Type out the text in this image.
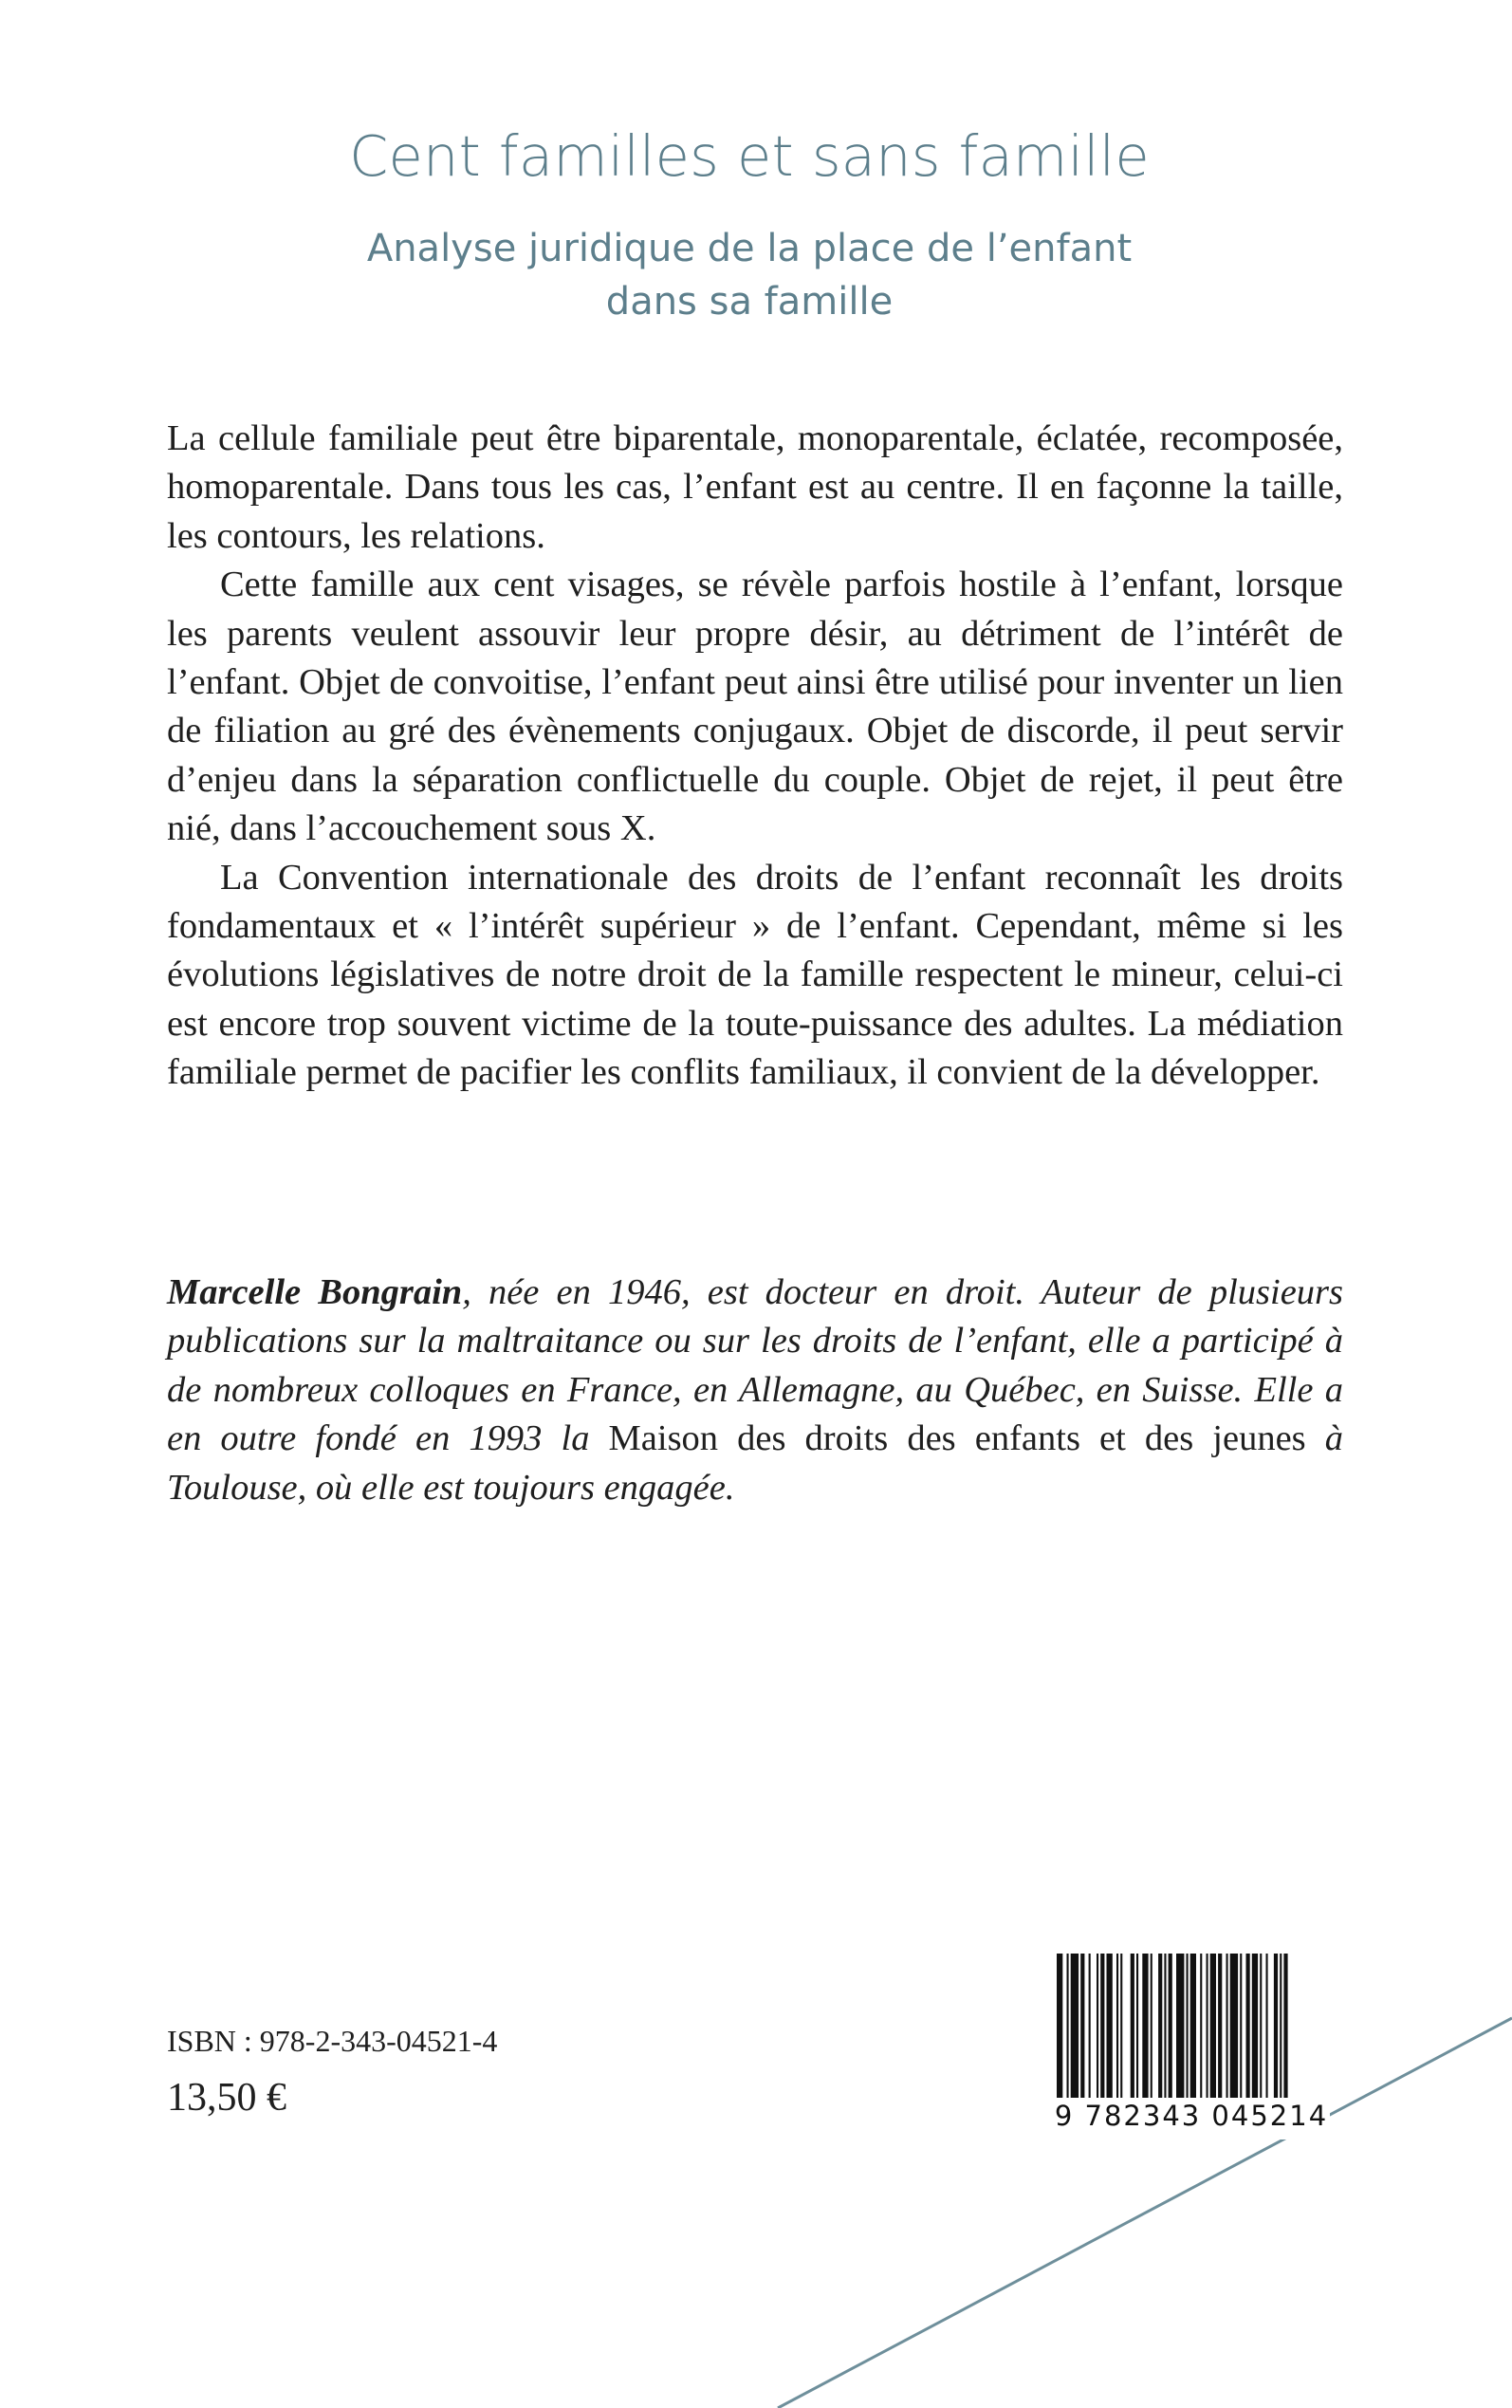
Cent familles et sans famille
Analyse juridique de la place de l’enfant
dans sa famille

La cellule familiale peut être biparentale, monoparentale, éclatée, recomposée, homoparentale. Dans tous les cas, l’enfant est au centre. Il en façonne la taille, les contours, les relations.

Cette famille aux cent visages, se révèle parfois hostile à l’enfant, lorsque les parents veulent assouvir leur propre désir, au détriment de l’intérêt de l’enfant. Objet de convoitise, l’enfant peut ainsi être utilisé pour inventer un lien de filiation au gré des évènements conjugaux. Objet de discorde, il peut servir d’enjeu dans la séparation conflictuelle du couple. Objet de rejet, il peut être nié, dans l’accouchement sous X.

La Convention internationale des droits de l’enfant reconnaît les droits fondamentaux et « l’intérêt supérieur » de l’enfant. Cependant, même si les évolutions législatives de notre droit de la famille respectent le mineur, celui-ci est encore trop souvent victime de la toute-puissance des adultes. La médiation familiale permet de pacifier les conflits familiaux, il convient de la développer.

Marcelle Bongrain, née en 1946, est docteur en droit. Auteur de plusieurs publications sur la maltraitance ou sur les droits de l’enfant, elle a participé à de nombreux colloques en France, en Allemagne, au Québec, en Suisse. Elle a en outre fondé en 1993 la Maison des droits des enfants et des jeunes à Toulouse, où elle est toujours engagée.
ISBN : 978-2-343-04521-4
13,50 €	9 782343 045214
